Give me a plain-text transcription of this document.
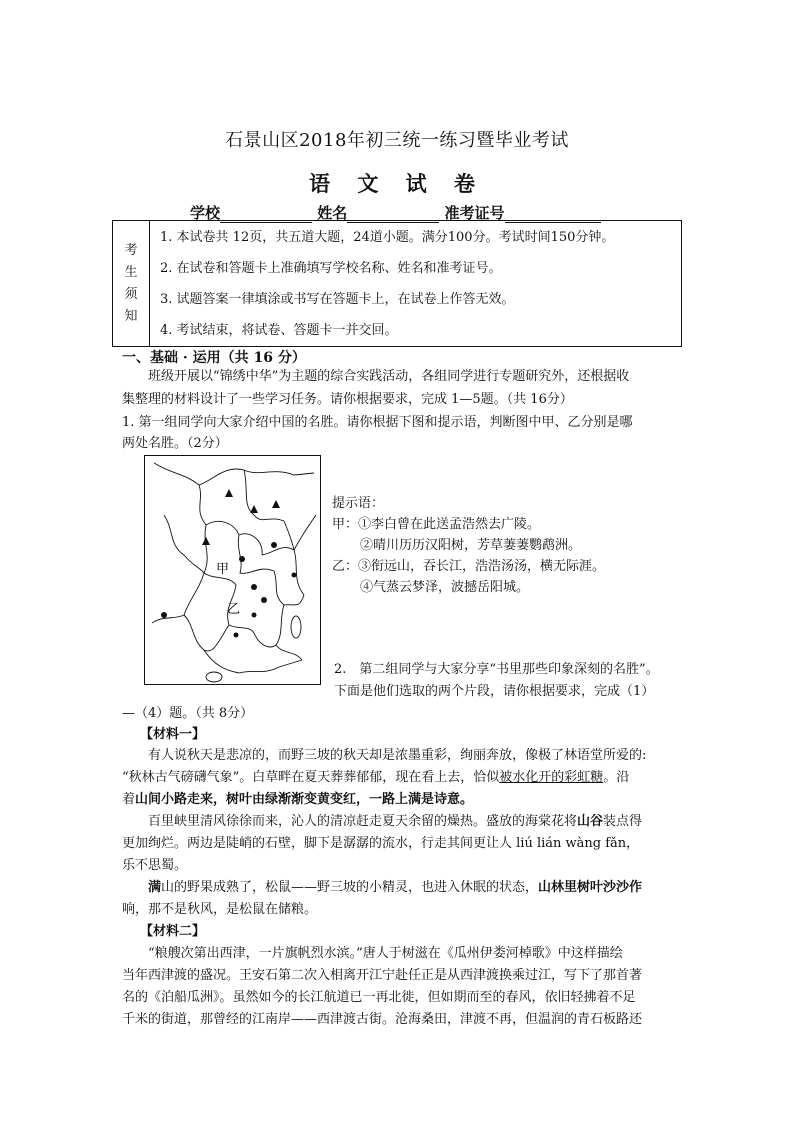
石景山区2018年初三统一练习暨毕业考试
语 文 试 卷
学校	姓名	准考证号
考
生
须
知

1. 本试卷共 12页，共五道大题，24道小题。满分100分。考试时间150分钟。
2. 在试卷和答题卡上准确填写学校名称、姓名和准考证号。
3. 试题答案一律填涂或书写在答题卡上，在试卷上作答无效。
4. 考试结束，将试卷、答题卡一并交回。
一、基础 · 运用（共 16 分）
班级开展以“锦绣中华”为主题的综合实践活动，各组同学进行专题研究外，还根据收
集整理的材料设计了一些学习任务。请你根据要求，完成 1—5题。（共 16分）
1. 第一组同学向大家介绍中国的名胜。请你根据下图和提示语，判断图中甲、乙分别是哪
两处名胜。（2分）
甲
乙
提示语：
甲：①李白曾在此送孟浩然去广陵。
②晴川历历汉阳树，芳草萋萋鹦鹉洲。
乙：③衔远山，吞长江，浩浩汤汤，横无际涯。
④气蒸云梦泽，波撼岳阳城。
2.　第二组同学与大家分享“书里那些印象深刻的名胜”。
下面是他们选取的两个片段，请你根据要求，完成（1）
—（4）题。（共 8分）
【材料一】
有人说秋天是悲凉的，而野三坡的秋天却是浓墨重彩，绚丽奔放，像极了林语堂所爱的:
“秋林古气磅礴气象”。白草畔在夏天葬葬郁郁，现在看上去，恰似被水化开的彩虹糖。沿
着山间小路走来，树叶由绿渐渐变黄变红，一路上满是诗意。
百里峡里清风徐徐而来，沁人的清凉赶走夏天余留的燥热。盛放的海棠花将山谷装点得
更加绚烂。两边是陡峭的石壁，脚下是潺潺的流水，行走其间更让人 liú lián wàng fǎn，
乐不思蜀。
满山的野果成熟了，松鼠——野三坡的小精灵，也进入休眠的状态，山林里树叶沙沙作
响，那不是秋风，是松鼠在储粮。
【材料二】
“粮艘次第出西津，一片旗帆烈水滨。”唐人于树滋在《瓜州伊娄河棹歌》中这样描绘
当年西津渡的盛况。王安石第二次入相离开江宁赴任正是从西津渡换乘过江，写下了那首著
名的《泊船瓜洲》。虽然如今的长江航道已一再北徙，但如期而至的春风，依旧轻拂着不足
千米的街道，那曾经的江南岸——西津渡古街。沧海桑田，津渡不再，但温润的青石板路还
